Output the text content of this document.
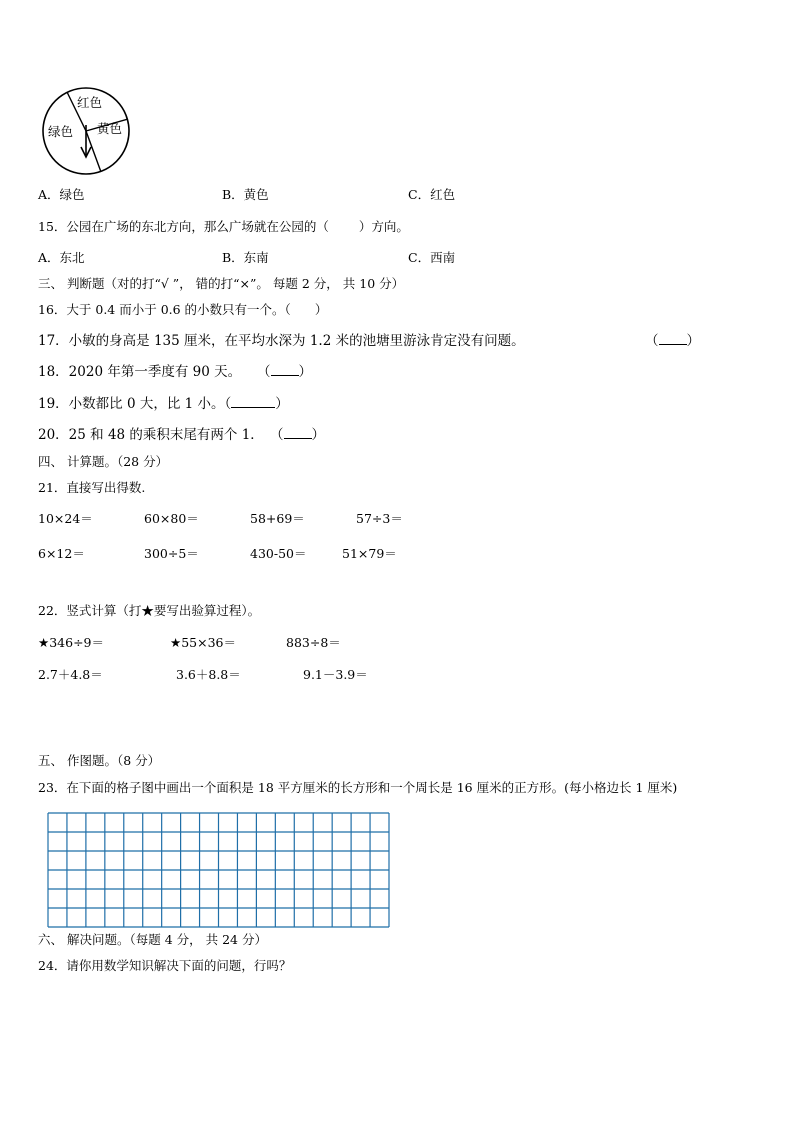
红色
黄色
绿色
A．绿色	B．黄色	C．红色
15．公园在广场的东北方向，那么广场就在公园的（ ）方向。
A．东北	B．东南	C．西南
三、 判断题（对的打“√ ”， 错的打“×”。 每题 2 分， 共 10 分）
16．大于 0.4 而小于 0.6 的小数只有一个。（ ）
17．小敏的身高是 135 厘米，在平均水深为 1.2 米的池塘里游泳肯定没有问题。	（ ）
18．2020 年第一季度有 90 天。 （ ）
19．小数都比 0 大，比 1 小。（	）
20．25 和 48 的乘积末尾有两个 1． （ ）
四、 计算题。（28 分）
21．直接写出得数.
10×24＝	60×80＝	58+69＝	57÷3＝
6×12＝	300÷5＝	430-50＝	51×79＝
22．竖式计算（打★要写出验算过程）。
★346÷9＝	★55×36＝	883÷8＝
2.7＋4.8＝	3.6＋8.8＝	9.1－3.9＝
五、 作图题。（8 分）
23．在下面的格子图中画出一个面积是 18 平方厘米的长方形和一个周长是 16 厘米的正方形。(每小格边长 1 厘米)
六、 解决问题。（每题 4 分， 共 24 分）
24．请你用数学知识解决下面的问题，行吗？
